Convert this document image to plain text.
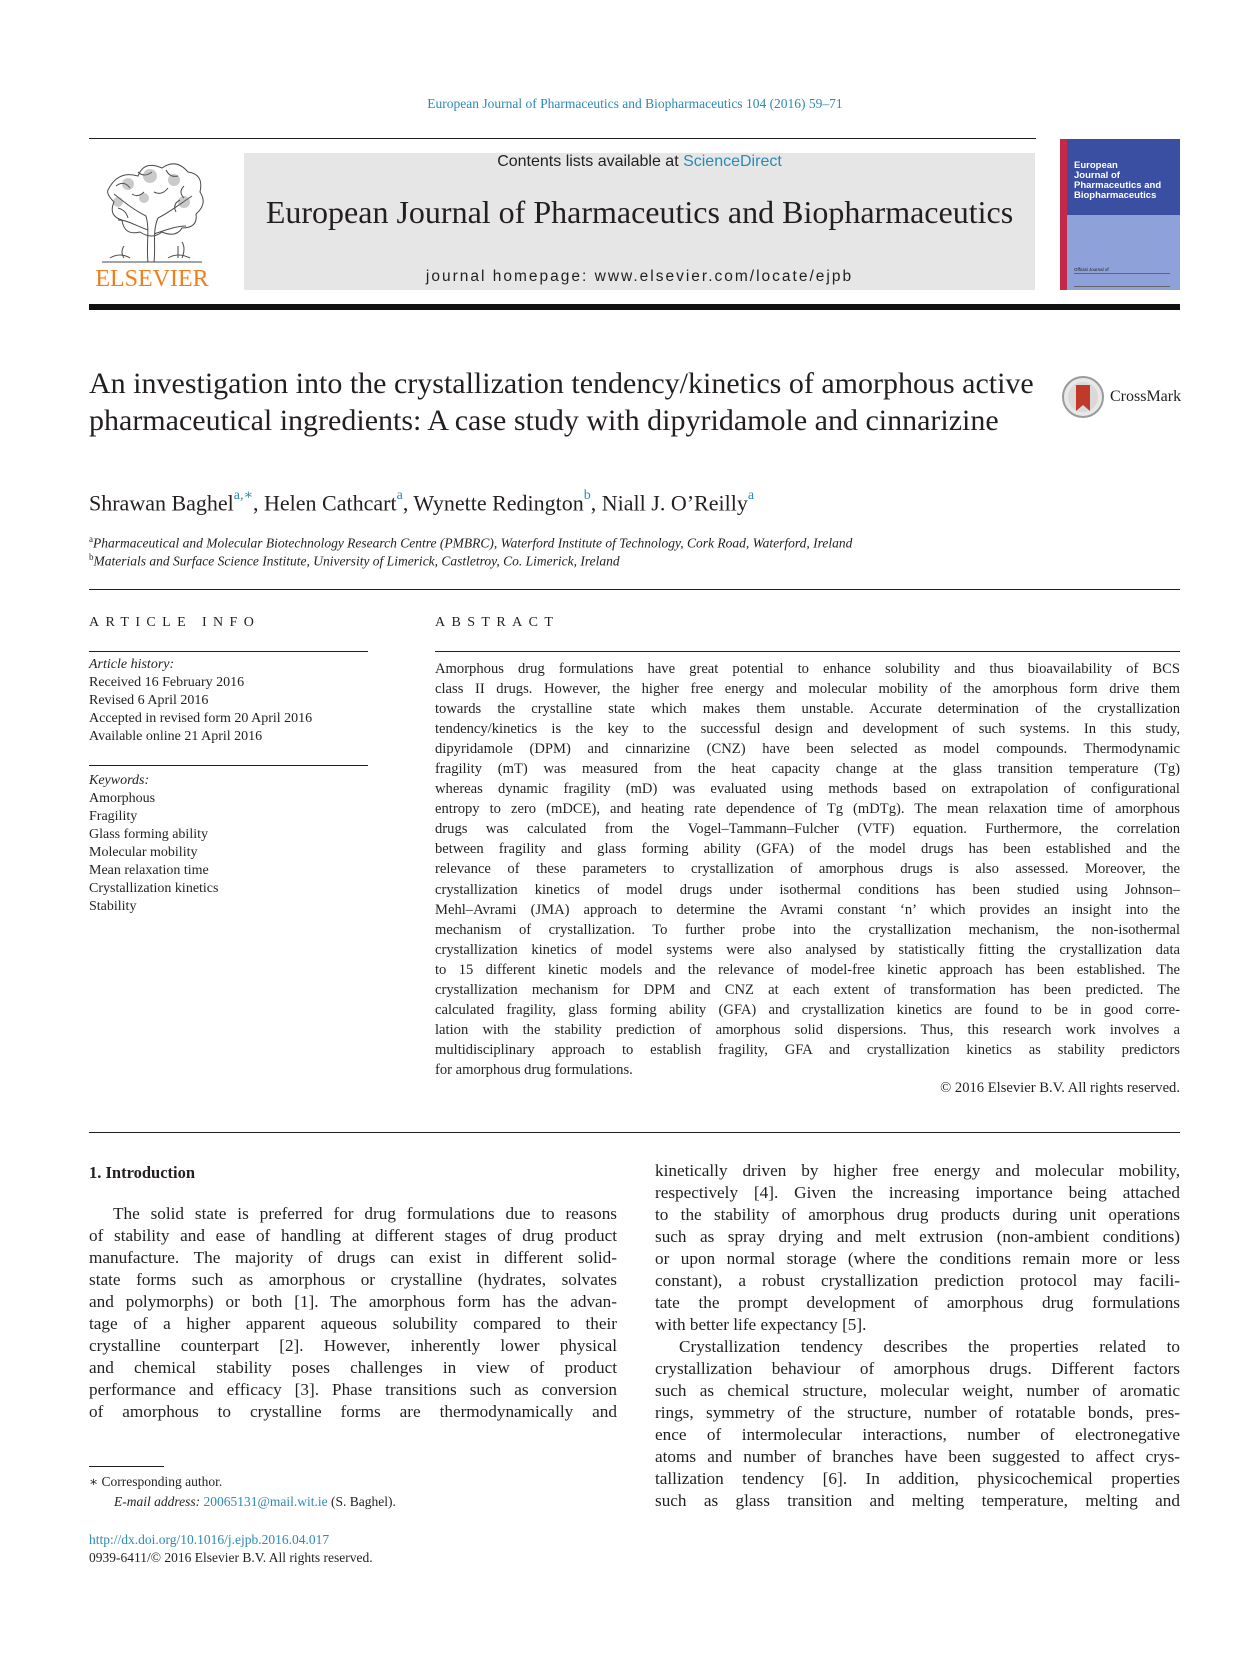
European Journal of Pharmaceutics and Biopharmaceutics 104 (2016) 59–71
ELSEVIER
Contents lists available at ScienceDirect
European Journal of Pharmaceutics and Biopharmaceutics
journal homepage: www.elsevier.com/locate/ejpb
European
Journal of
Pharmaceutics and
Biopharmaceutics
Official Journal of
An investigation into the crystallization tendency/kinetics of amorphous active pharmaceutical ingredients: A case study with dipyridamole and cinnarizine
CrossMark
Shrawan Baghel$^{a,∗}$, Helen Cathcart$^a$, Wynette Redington$^b$, Niall J. O’Reilly$^a$
$^a$Pharmaceutical and Molecular Biotechnology Research Centre (PMBRC), Waterford Institute of Technology, Cork Road, Waterford, Ireland
$^b$Materials and Surface Science Institute, University of Limerick, Castletroy, Co. Limerick, Ireland
ARTICLE INFO	ABSTRACT
Article history:
Received 16 February 2016
Revised 6 April 2016
Accepted in revised form 20 April 2016
Available online 21 April 2016
Keywords:
Amorphous
Fragility
Glass forming ability
Molecular mobility
Mean relaxation time
Crystallization kinetics
Stability
Amorphous drug formulations have great potential to enhance solubility and thus bioavailability of BCS
class II drugs. However, the higher free energy and molecular mobility of the amorphous form drive them
towards the crystalline state which makes them unstable. Accurate determination of the crystallization
tendency/kinetics is the key to the successful design and development of such systems. In this study,
dipyridamole (DPM) and cinnarizine (CNZ) have been selected as model compounds. Thermodynamic
fragility (mT) was measured from the heat capacity change at the glass transition temperature (Tg)
whereas dynamic fragility (mD) was evaluated using methods based on extrapolation of configurational
entropy to zero (mDCE), and heating rate dependence of Tg (mDTg). The mean relaxation time of amorphous
drugs was calculated from the Vogel–Tammann–Fulcher (VTF) equation. Furthermore, the correlation
between fragility and glass forming ability (GFA) of the model drugs has been established and the
relevance of these parameters to crystallization of amorphous drugs is also assessed. Moreover, the
crystallization kinetics of model drugs under isothermal conditions has been studied using Johnson–
Mehl–Avrami (JMA) approach to determine the Avrami constant ‘n’ which provides an insight into the
mechanism of crystallization. To further probe into the crystallization mechanism, the non-isothermal
crystallization kinetics of model systems were also analysed by statistically fitting the crystallization data
to 15 different kinetic models and the relevance of model-free kinetic approach has been established. The
crystallization mechanism for DPM and CNZ at each extent of transformation has been predicted. The
calculated fragility, glass forming ability (GFA) and crystallization kinetics are found to be in good corre-
lation with the stability prediction of amorphous solid dispersions. Thus, this research work involves a
multidisciplinary approach to establish fragility, GFA and crystallization kinetics as stability predictors
for amorphous drug formulations.
© 2016 Elsevier B.V. All rights reserved.
1. Introduction
The solid state is preferred for drug formulations due to reasons
of stability and ease of handling at different stages of drug product
manufacture. The majority of drugs can exist in different solid-
state forms such as amorphous or crystalline (hydrates, solvates
and polymorphs) or both [1]. The amorphous form has the advan-
tage of a higher apparent aqueous solubility compared to their
crystalline counterpart [2]. However, inherently lower physical
and chemical stability poses challenges in view of product
performance and efficacy [3]. Phase transitions such as conversion
of amorphous to crystalline forms are thermodynamically and
kinetically driven by higher free energy and molecular mobility,
respectively [4]. Given the increasing importance being attached
to the stability of amorphous drug products during unit operations
such as spray drying and melt extrusion (non-ambient conditions)
or upon normal storage (where the conditions remain more or less
constant), a robust crystallization prediction protocol may facili-
tate the prompt development of amorphous drug formulations
with better life expectancy [5].
Crystallization tendency describes the properties related to
crystallization behaviour of amorphous drugs. Different factors
such as chemical structure, molecular weight, number of aromatic
rings, symmetry of the structure, number of rotatable bonds, pres-
ence of intermolecular interactions, number of electronegative
atoms and number of branches have been suggested to affect crys-
tallization tendency [6]. In addition, physicochemical properties
such as glass transition and melting temperature, melting and
∗ Corresponding author.
E-mail address: 20065131@mail.wit.ie (S. Baghel).
http://dx.doi.org/10.1016/j.ejpb.2016.04.017
0939-6411/© 2016 Elsevier B.V. All rights reserved.
